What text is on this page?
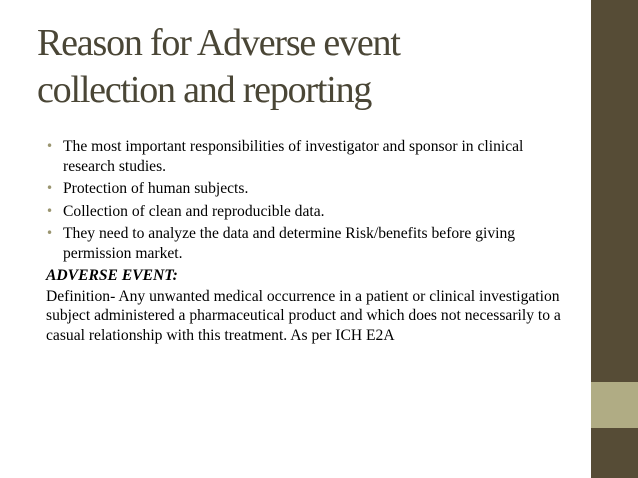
Reason for Adverse event
collection and reporting
• The most important responsibilities of investigator and sponsor in clinical research studies.
• Protection of human subjects.
• Collection of clean and reproducible data.
• They need to analyze the data and determine Risk/benefits before giving permission market.
ADVERSE EVENT:
Definition- Any unwanted medical occurrence in a patient or clinical investigation subject administered a pharmaceutical product and which does not necessarily to a casual relationship with this treatment. As per ICH E2A
